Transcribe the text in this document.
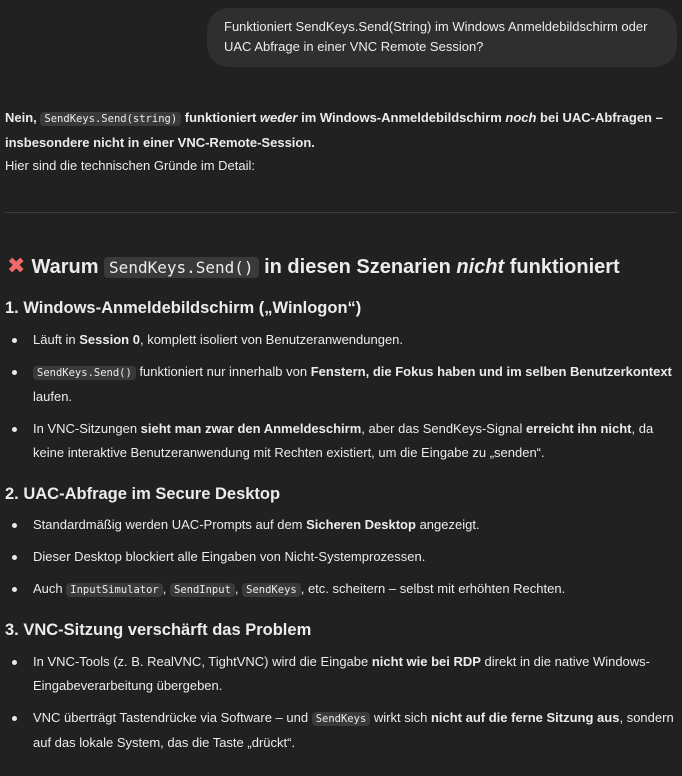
Funktioniert SendKeys.Send(String) im Windows Anmeldebildschirm oder UAC Abfrage in einer VNC Remote Session?
Nein, SendKeys.Send(string) funktioniert weder im Windows-Anmeldebildschirm noch bei UAC-Abfragen – insbesondere nicht in einer VNC-Remote-Session.
Hier sind die technischen Gründe im Detail:
✖ Warum SendKeys.Send() in diesen Szenarien nicht funktioniert
1. Windows-Anmeldebildschirm („Winlogon“)
Läuft in Session 0, komplett isoliert von Benutzeranwendungen.
SendKeys.Send() funktioniert nur innerhalb von Fenstern, die Fokus haben und im selben Benutzerkontext laufen.
In VNC-Sitzungen sieht man zwar den Anmeldeschirm, aber das SendKeys-Signal erreicht ihn nicht, da keine interaktive Benutzeranwendung mit Rechten existiert, um die Eingabe zu „senden“.
2. UAC-Abfrage im Secure Desktop
Standardmäßig werden UAC-Prompts auf dem Sicheren Desktop angezeigt.
Dieser Desktop blockiert alle Eingaben von Nicht-Systemprozessen.
Auch InputSimulator , SendInput , SendKeys , etc. scheitern – selbst mit erhöhten Rechten.
3. VNC-Sitzung verschärft das Problem
In VNC-Tools (z. B. RealVNC, TightVNC) wird die Eingabe nicht wie bei RDP direkt in die native Windows-Eingabeverarbeitung übergeben.
VNC überträgt Tastendrücke via Software – und SendKeys wirkt sich nicht auf die ferne Sitzung aus, sondern auf das lokale System, das die Taste „drückt“.
